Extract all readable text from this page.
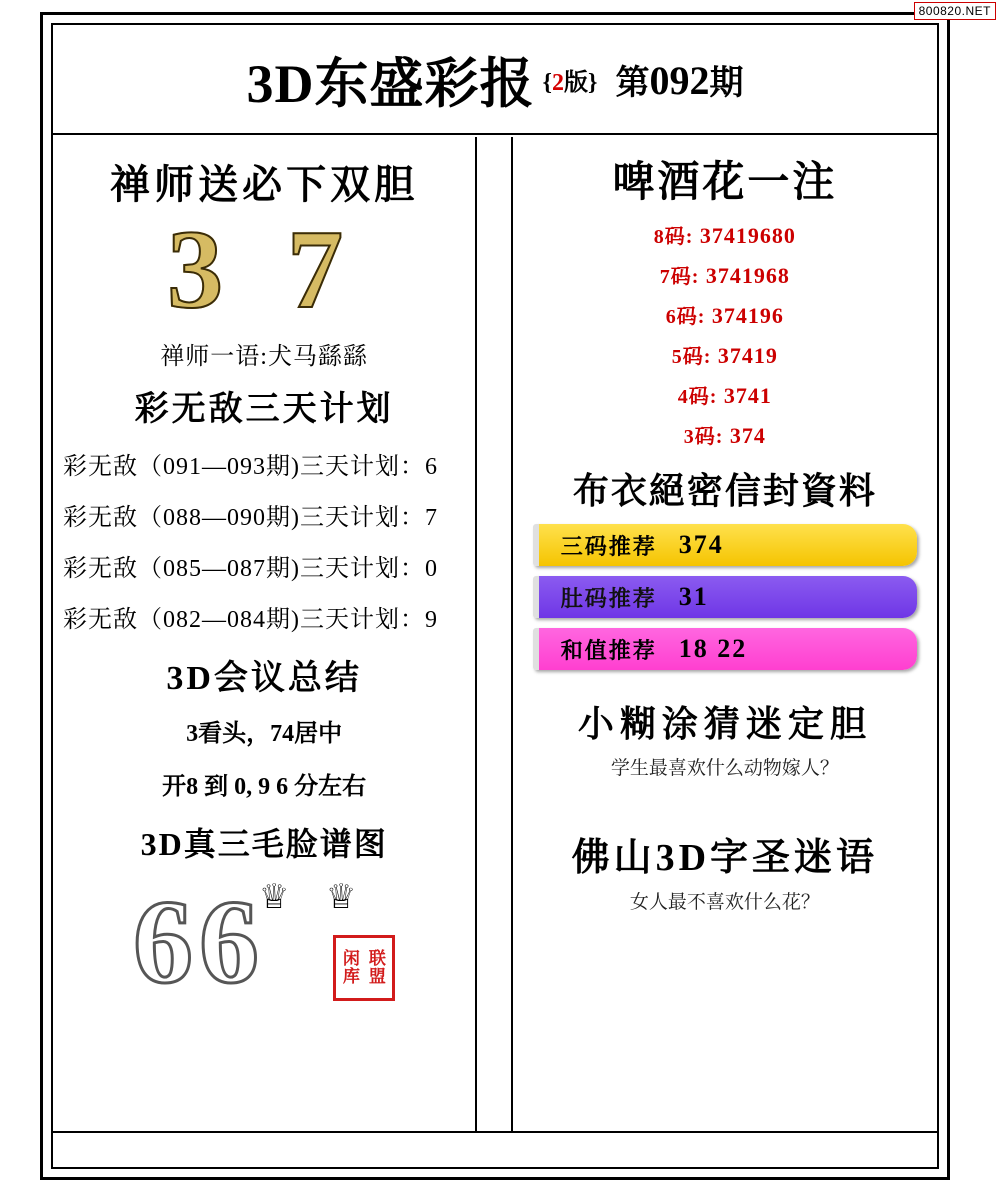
800820.NET
3D东盛彩报 {2版} 第092期
禅师送必下双胆
3 7
禅师一语:犬马繇繇
彩无敌三天计划
彩无敌（091—093期)三天计划：6
彩无敌（088—090期)三天计划：7
彩无敌（085—087期)三天计划：0
彩无敌（082—084期)三天计划：9
3D会议总结
3看头，74居中
开8 到 0, 9 6 分左右
3D真三毛脸谱图
66
♕ ♕
闲 联
库 盟
啤酒花一注
8码: 37419680
7码: 3741968
6码: 374196
5码: 37419
4码: 3741
3码: 374
布衣絕密信封資料
三码推荐 374
肚码推荐 31
和值推荐 18 22
小糊涂猜迷定胆
学生最喜欢什么动物嫁人？
佛山3D字圣迷语
女人最不喜欢什么花？
